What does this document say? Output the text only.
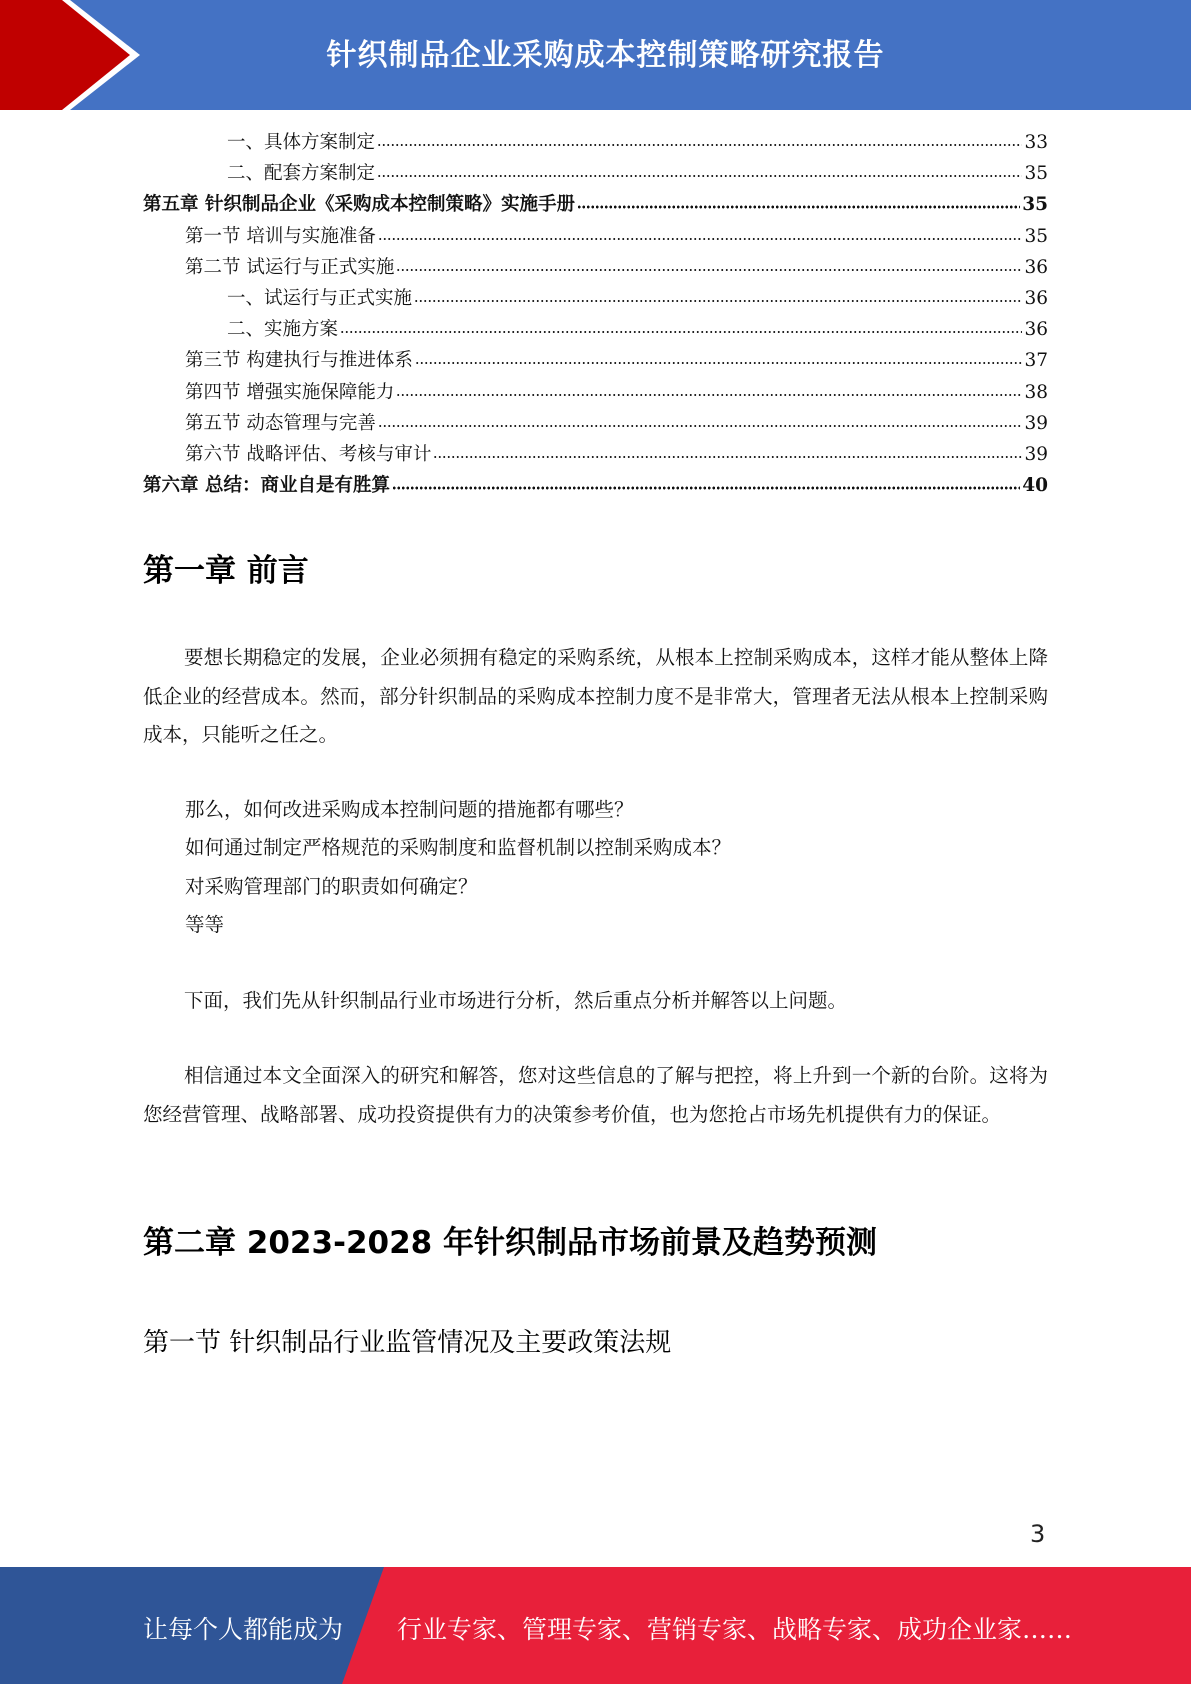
针织制品企业采购成本控制策略研究报告
一、具体方案制定	33
二、配套方案制定	35
第五章 针织制品企业《采购成本控制策略》实施手册	35
第一节 培训与实施准备	35
第二节 试运行与正式实施	36
一、试运行与正式实施	36
二、实施方案	36
第三节 构建执行与推进体系	37
第四节 增强实施保障能力	38
第五节 动态管理与完善	39
第六节 战略评估、考核与审计	39
第六章 总结：商业自是有胜算	40
第一章 前言

要想长期稳定的发展，企业必须拥有稳定的采购系统，从根本上控制采购成本，这样才能从整体上降低企业的经营成本。然而，部分针织制品的采购成本控制力度不是非常大，管理者无法从根本上控制采购成本，只能听之任之。

那么，如何改进采购成本控制问题的措施都有哪些？

如何通过制定严格规范的采购制度和监督机制以控制采购成本？

对采购管理部门的职责如何确定？

等等

下面，我们先从针织制品行业市场进行分析，然后重点分析并解答以上问题。

相信通过本文全面深入的研究和解答，您对这些信息的了解与把控，将上升到一个新的台阶。这将为您经营管理、战略部署、成功投资提供有力的决策参考价值，也为您抢占市场先机提供有力的保证。

第二章 2023-2028 年针织制品市场前景及趋势预测
第一节 针织制品行业监管情况及主要政策法规
3
让每个人都能成为 行业专家、管理专家、营销专家、战略专家、成功企业家……
